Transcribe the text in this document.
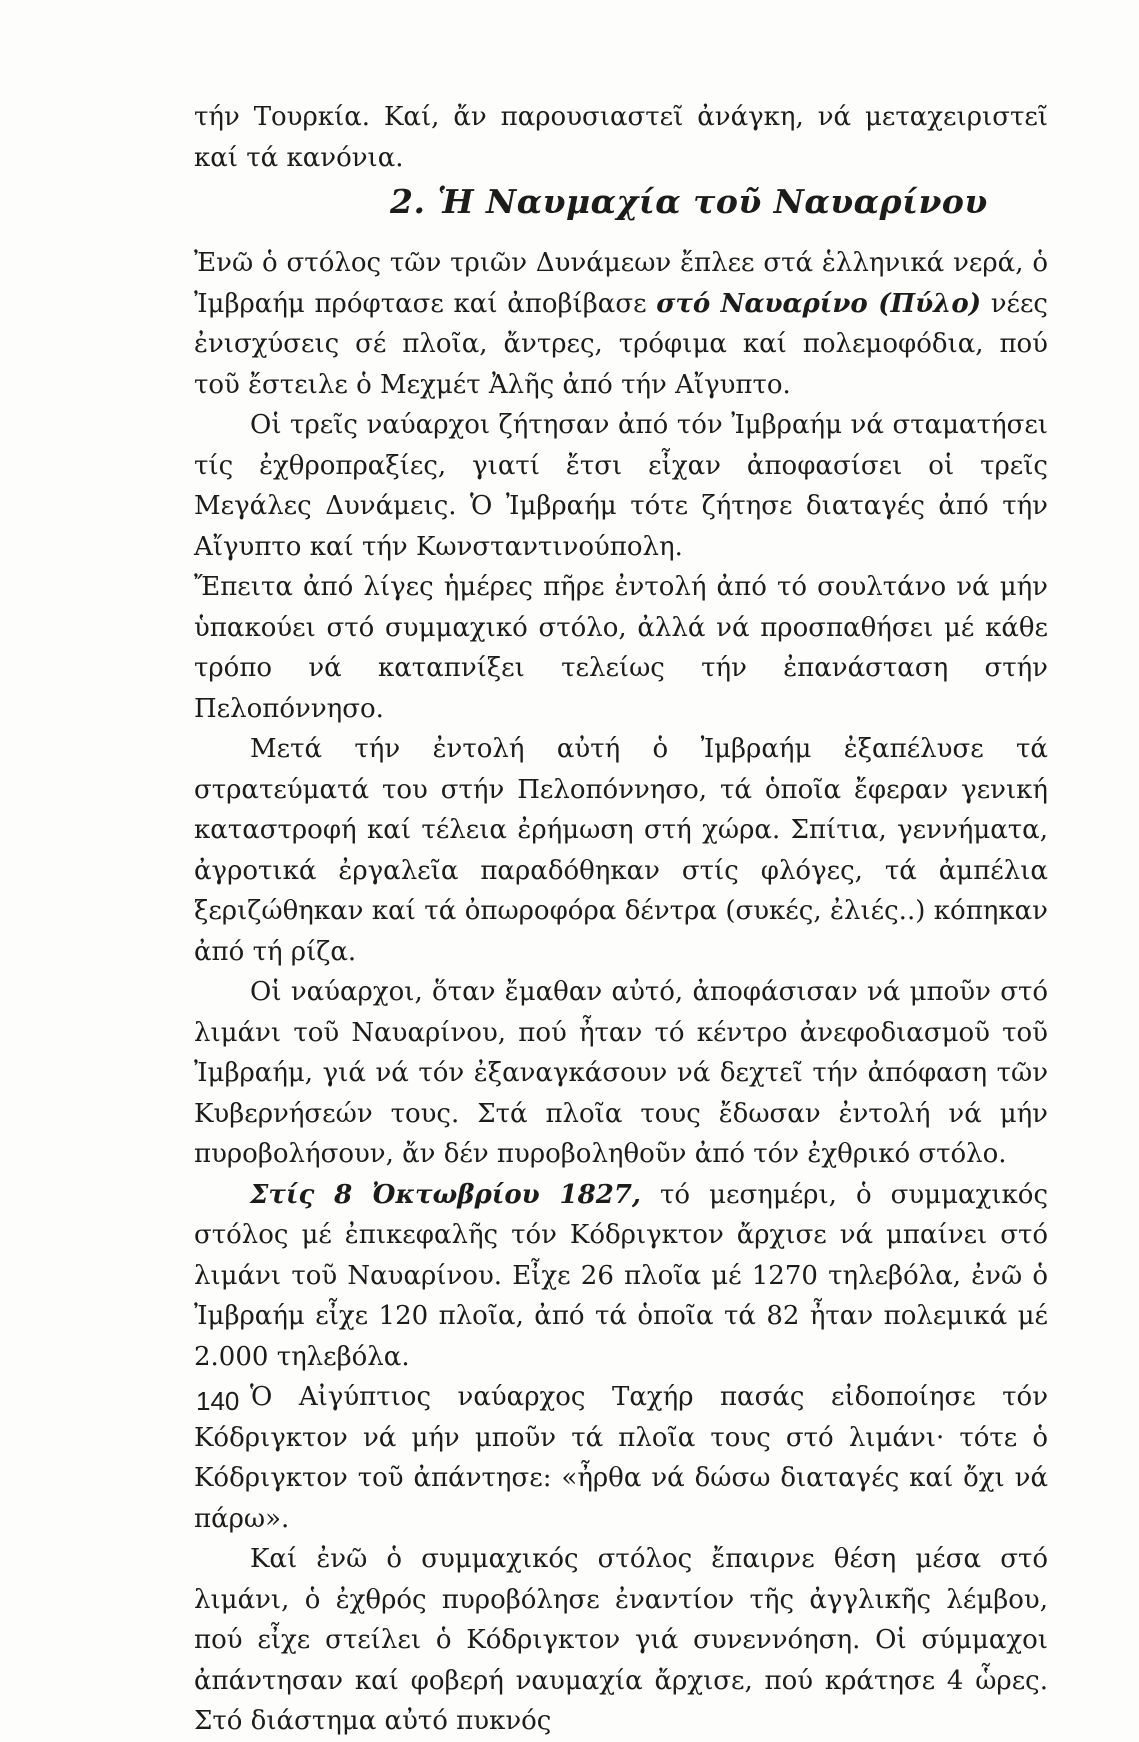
τήν Τουρκία. Καί, ἄν παρουσιαστεῖ ἀνάγκη, νά μεταχειριστεῖ καί τά κανόνια.

2. Ἡ Ναυμαχία τοῦ Ναυαρίνου

Ἐνῶ ὁ στόλος τῶν τριῶν Δυνάμεων ἔπλεε στά ἑλληνικά νερά, ὁ Ἰμβραήμ πρόφτασε καί ἀποβίβασε στό Ναυαρίνο (Πύλο) νέες ἐνισχύσεις σέ πλοῖα, ἄντρες, τρόφιμα καί πολεμοφόδια, πού τοῦ ἔστειλε ὁ Μεχμέτ Ἀλῆς ἀπό τήν Αἴγυπτο.

Οἱ τρεῖς ναύαρχοι ζήτησαν ἀπό τόν Ἰμβραήμ νά σταματήσει τίς ἐχθροπραξίες, γιατί ἔτσι εἶχαν ἀποφασίσει οἱ τρεῖς Μεγάλες Δυνάμεις. Ὁ Ἰμβραήμ τότε ζήτησε διαταγές ἀπό τήν Αἴγυπτο καί τήν Κωνσταντινούπολη.

Ἔπειτα ἀπό λίγες ἡμέρες πῆρε ἐντολή ἀπό τό σουλτάνο νά μήν ὑπακούει στό συμμαχικό στόλο, ἀλλά νά προσπαθήσει μέ κάθε τρόπο νά καταπνίξει τελείως τήν ἐπανάσταση στήν Πελοπόννησο.

Μετά τήν ἐντολή αὐτή ὁ Ἰμβραήμ ἐξαπέλυσε τά στρατεύματά του στήν Πελοπόννησο, τά ὁποῖα ἔφεραν γενική καταστροφή καί τέλεια ἐρήμωση στή χώρα. Σπίτια, γεννήματα, ἀγροτικά ἐργαλεῖα παραδόθηκαν στίς φλόγες, τά ἀμπέλια ξεριζώθηκαν καί τά ὀπωροφόρα δέντρα (συκές, ἐλιές..) κόπηκαν ἀπό τή ρίζα.

Οἱ ναύαρχοι, ὅταν ἔμαθαν αὐτό, ἀποφάσισαν νά μποῦν στό λιμάνι τοῦ Ναυαρίνου, πού ἦταν τό κέντρο ἀνεφοδιασμοῦ τοῦ Ἰμβραήμ, γιά νά τόν ἐξαναγκάσουν νά δεχτεῖ τήν ἀπόφαση τῶν Κυβερνήσεών τους. Στά πλοῖα τους ἔδωσαν ἐντολή νά μήν πυροβολήσουν, ἄν δέν πυροβοληθοῦν ἀπό τόν ἐχθρικό στόλο.

Στίς 8 Ὀκτωβρίου 1827, τό μεσημέρι, ὁ συμμαχικός στόλος μέ ἐπικεφαλῆς τόν Κόδριγκτον ἄρχισε νά μπαίνει στό λιμάνι τοῦ Ναυαρίνου. Εἶχε 26 πλοῖα μέ 1270 τηλεβόλα, ἐνῶ ὁ Ἰμβραήμ εἶχε 120 πλοῖα, ἀπό τά ὁποῖα τά 82 ἦταν πολεμικά μέ 2.000 τηλεβόλα.

Ὁ Αἰγύπτιος ναύαρχος Ταχήρ πασάς εἰδοποίησε τόν Κόδριγκτον νά μήν μποῦν τά πλοῖα τους στό λιμάνι· τότε ὁ Κόδριγκτον τοῦ ἀπάντησε: «ἦρθα νά δώσω διαταγές καί ὄχι νά πάρω».

Καί ἐνῶ ὁ συμμαχικός στόλος ἔπαιρνε θέση μέσα στό λιμάνι, ὁ ἐχθρός πυροβόλησε ἐναντίον τῆς ἀγγλικῆς λέμβου, πού εἶχε στείλει ὁ Κόδριγκτον γιά συνεννόηση. Οἱ σύμμαχοι ἀπάντησαν καί φοβερή ναυμαχία ἄρχισε, πού κράτησε 4 ὧρες. Στό διάστημα αὐτό πυκνός

140
